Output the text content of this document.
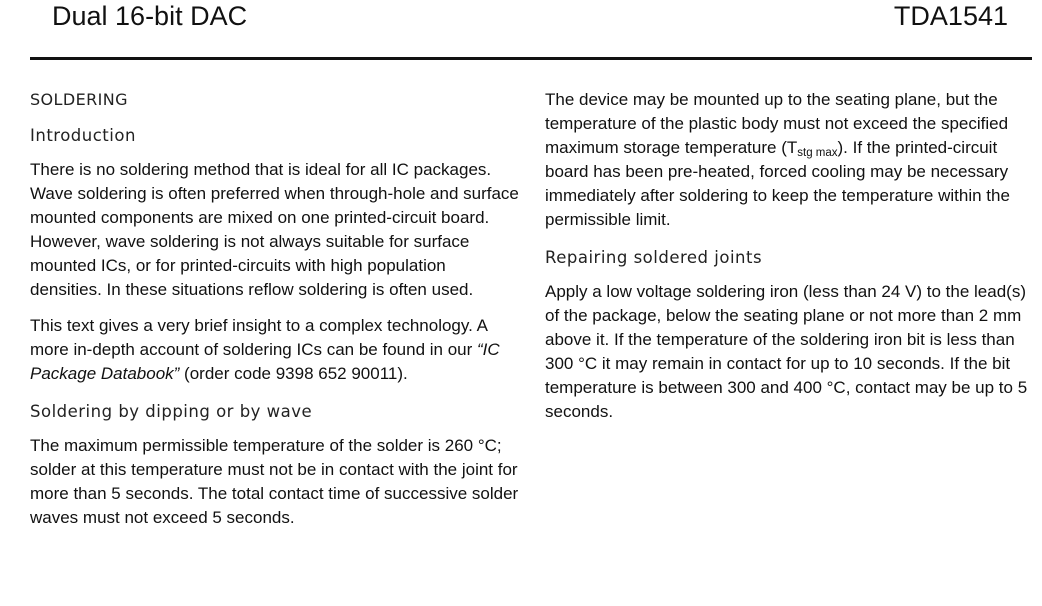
Dual 16-bit DAC	TDA1541
SOLDERING
Introduction

There is no soldering method that is ideal for all IC packages. Wave soldering is often preferred when through-hole and surface mounted components are mixed on one printed-circuit board. However, wave soldering is not always suitable for surface mounted ICs, or for printed-circuits with high population densities. In these situations reflow soldering is often used.

This text gives a very brief insight to a complex technology. A more in-depth account of soldering ICs can be found in our “IC Package Databook” (order code 9398 652 90011).

Soldering by dipping or by wave

The maximum permissible temperature of the solder is 260 °C; solder at this temperature must not be in contact with the joint for more than 5 seconds. The total contact time of successive solder waves must not exceed 5 seconds.

The device may be mounted up to the seating plane, but the temperature of the plastic body must not exceed the specified maximum storage temperature $(T_{stg max})$. If the printed-circuit board has been pre-heated, forced cooling may be necessary immediately after soldering to keep the temperature within the permissible limit.

Repairing soldered joints

Apply a low voltage soldering iron (less than 24 V) to the lead(s) of the package, below the seating plane or not more than 2 mm above it. If the temperature of the soldering iron bit is less than 300 °C it may remain in contact for up to 10 seconds. If the bit temperature is between 300 and 400 °C, contact may be up to 5 seconds.
